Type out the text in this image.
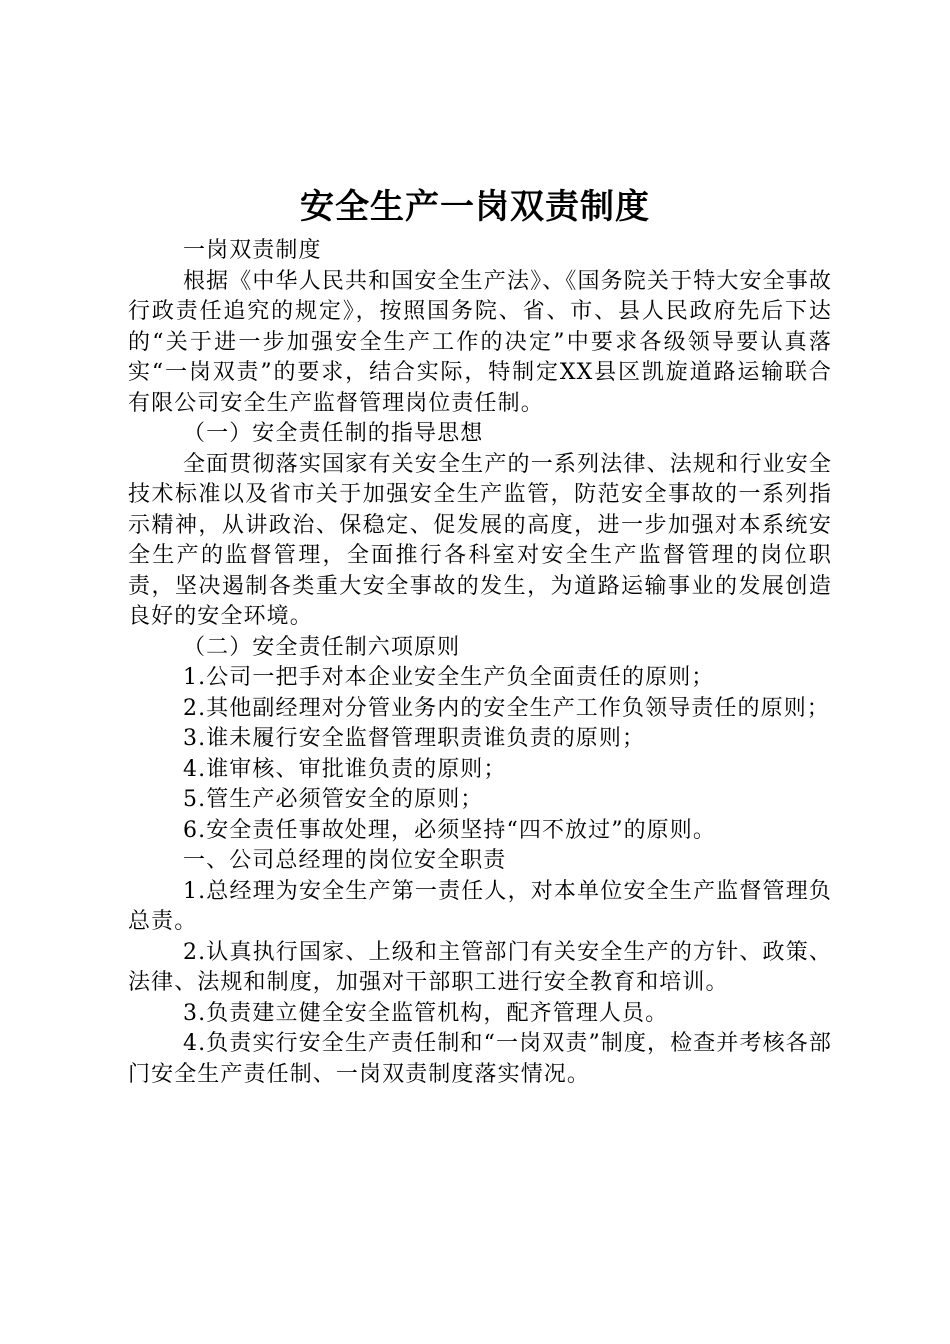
安全生产一岗双责制度

一岗双责制度

根据《中华人民共和国安全生产法》、《国务院关于特大安全事故行政责任追究的规定》，按照国务院、省、市、县人民政府先后下达的“关于进一步加强安全生产工作的决定”中要求各级领导要认真落实“一岗双责”的要求，结合实际，特制定XX县区凯旋道路运输联合有限公司安全生产监督管理岗位责任制。

（一）安全责任制的指导思想

全面贯彻落实国家有关安全生产的一系列法律、法规和行业安全技术标准以及省市关于加强安全生产监管，防范安全事故的一系列指示精神，从讲政治、保稳定、促发展的高度，进一步加强对本系统安全生产的监督管理，全面推行各科室对安全生产监督管理的岗位职责，坚决遏制各类重大安全事故的发生，为道路运输事业的发展创造良好的安全环境。

（二）安全责任制六项原则

1.公司一把手对本企业安全生产负全面责任的原则；

2.其他副经理对分管业务内的安全生产工作负领导责任的原则；

3.谁未履行安全监督管理职责谁负责的原则；

4.谁审核、审批谁负责的原则；

5.管生产必须管安全的原则；

6.安全责任事故处理，必须坚持“四不放过”的原则。

一、公司总经理的岗位安全职责

1.总经理为安全生产第一责任人，对本单位安全生产监督管理负总责。

2.认真执行国家、上级和主管部门有关安全生产的方针、政策、法律、法规和制度，加强对干部职工进行安全教育和培训。

3.负责建立健全安全监管机构，配齐管理人员。

4.负责实行安全生产责任制和“一岗双责”制度，检查并考核各部门安全生产责任制、一岗双责制度落实情况。
